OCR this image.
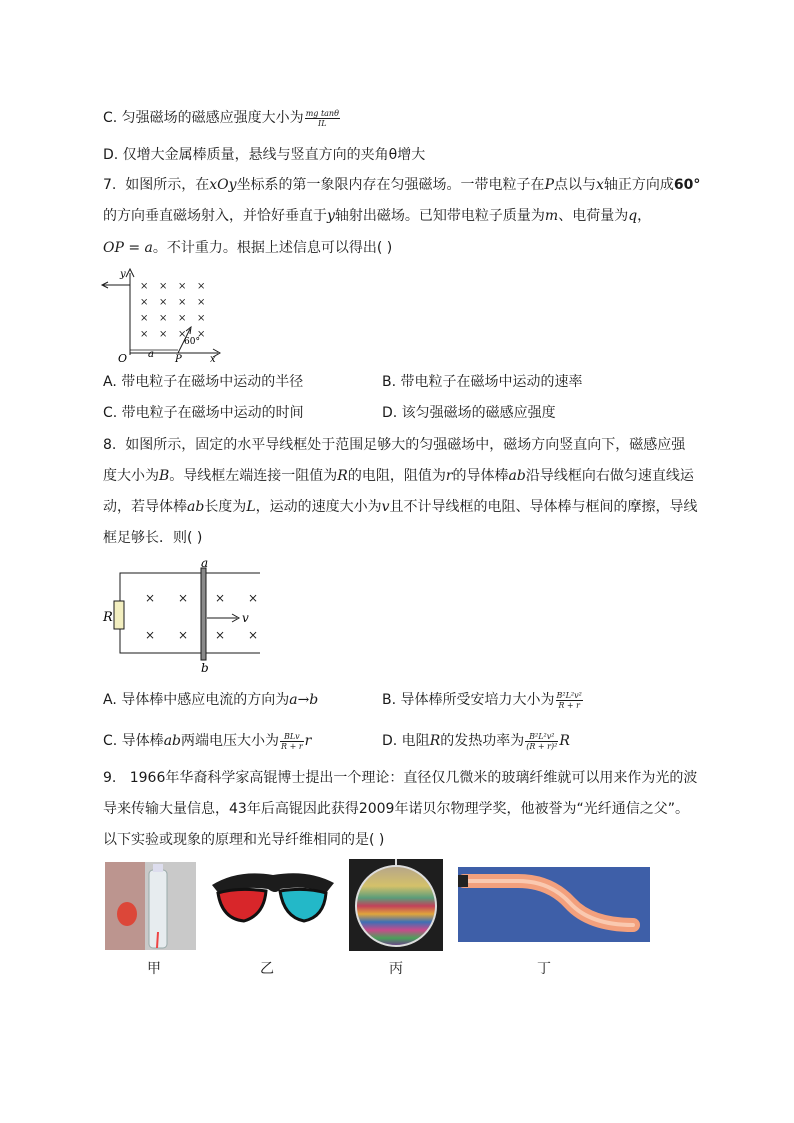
C. 匀强磁场的磁感应强度大小为 $\frac{\text{mg tanθ}}{IL}$
D. 仅增大金属棒质量，悬线与竖直方向的夹角θ增大
7. 如图所示，在xOy坐标系的第一象限内存在匀强磁场。一带电粒子在P点以与x轴正方向成60°
的方向垂直磁场射入，并恰好垂直于y轴射出磁场。已知带电粒子质量为m、电荷量为q，
OP = a。不计重力。根据上述信息可以得出( )
y
x
O a P
60°
× × × ×
× × × ×
× × × ×
× × × ×
A. 带电粒子在磁场中运动的半径	B. 带电粒子在磁场中运动的速率
C. 带电粒子在磁场中运动的时间	D. 该匀强磁场的磁感应强度
8. 如图所示，固定的水平导线框处于范围足够大的匀强磁场中，磁场方向竖直向下，磁感应强
度大小为B。导线框左端连接一阻值为R的电阻，阻值为r的导体棒ab沿导线框向右做匀速直线运
动，若导体棒ab长度为L，运动的速度大小为v且不计导线框的电阻、导体棒与框间的摩擦，导线
框足够长．则( )
R
a
b
v
× × × ×
× × × ×
A. 导体棒中感应电流的方向为a→b	B. 导体棒所受安培力大小为 $\frac{\text{B²L²v²}}{R + r}$
C. 导体棒ab两端电压大小为 $\frac{\text{BLv}}{R + r}$ r	D. 电阻R的发热功率为 $\frac{\text{B²L²v²}}{\text{(R + r)²}}$ R
9. 1966年华裔科学家高锟博士提出一个理论：直径仅几微米的玻璃纤维就可以用来作为光的波
导来传输大量信息，43年后高锟因此获得2009年诺贝尔物理学奖，他被誉为“光纤通信之父”。
以下实验或现象的原理和光导纤维相同的是( )
甲	乙	丙	丁
